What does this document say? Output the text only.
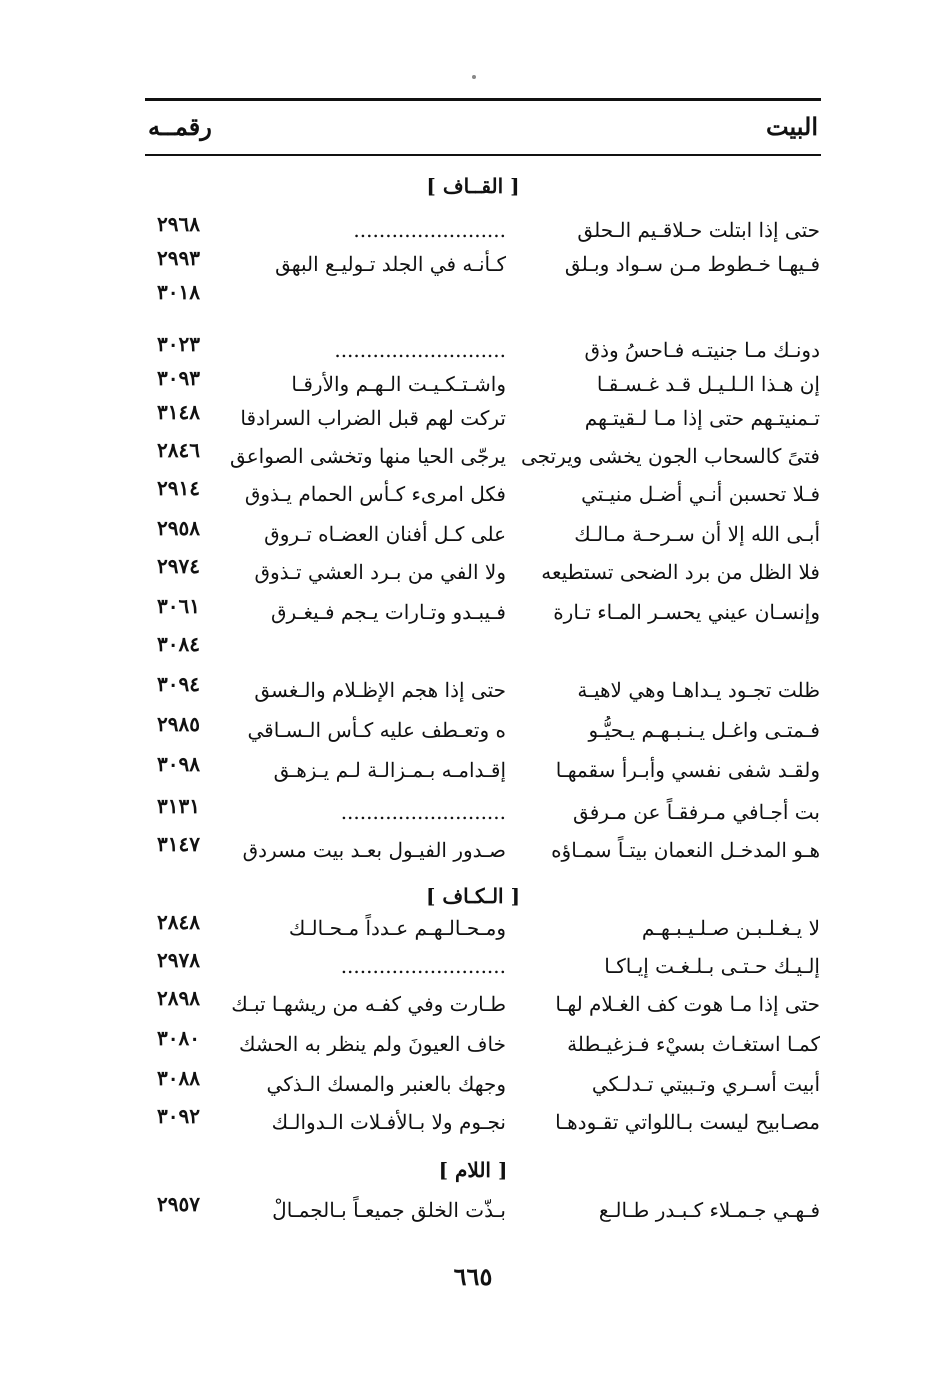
البيت
رقمــه
[ القــاف ]
[ الـكـاف ]
[ اللام ]
حتى إذا ابتلت حـلاقـيم الـحلق
........................
٢٩٦٨
فـيهـا خـطوط مـن سـواد وبـلق
كـأنـه في الجلد تـوليـع البهق
٢٩٩٣
٣٠١٨
دونـك مـا جنيتـه فـاحسُ وذق
...........................
٣٠٢٣
إن هـذا الـلـيـل قـد غـسـقـا
واشـتـكـيـت الـهـم والأرقـا
٣٠٩٣
تـمنيتـهم حتى إذا مـا لـقيتـهم
تركت لهم قبل الضراب السرادقا
٣١٤٨
فتىً كالسحاب الجون يخشى ويرتجى
يرجّى الحيا منها وتخشى الصواعق
٢٨٤٦
فـلا تحسبن أنـي أضـل منيـتي
فكل امرىء كـأس الحمام يـذوق
٢٩١٤
أبـى الله إلا أن سـرحـة مـالـك
على كـل أفنان العضـاه تـروق
٢٩٥٨
فلا الظل من برد الضحى تستطيعه
ولا الفي من بـرد العشي تـذوق
٢٩٧٤
وإنسـان عيني يحسـر المـاء تـارة
فـيبـدو وتـارات يـجم فـيغـرق
٣٠٦١
٣٠٨٤
ظلت تجـود يـداهـا وهي لاهيـة
حتى إذا هجم الإظـلام والـغسق
٣٠٩٤
فـمتـى واغـل يـنـبـهـم يـحيُّـو
ه وتعـطف عليه كـأس الـسـاقي
٢٩٨٥
ولقـد شفى نفسي وأبـرأ سقمهـا
إقـدامـه بـمـزالـة لـم يـزهـق
٣٠٩٨
بت أجـافي مـرفقـاً عن مـرفق
..........................
٣١٣١
هـو المدخـل النعمان بيتـاً سمـاؤه
صـدور الفيـول بعـد بيت مسردق
٣١٤٧
لا يـغـلـبـن صـلـيـبـهـم
ومـحـالـهـم عـدداً مـحـالـك
٢٨٤٨
إلـيـك حـتـى بـلـغـت إيـاكـا
..........................
٢٩٧٨
حتى إذا مـا هوت كف الغـلام لهـا
طـارت وفي كفـه من ريشهـا تبـك
٢٨٩٨
كمـا استغـاث بسيْء فـزغيـطلة
خاف العيونَ ولم ينظر به الحشك
٣٠٨٠
أبيت أسـري وتـبيتي تـدلـكي
وجهك بالعنبر والمسك الـذكي
٣٠٨٨
مصـابيح ليست بـاللواتي تقـودهـا
نجـوم ولا بـالأفـلات الـدوالـك
٣٠٩٢
فـهـي جـمـلاء كـبـدر طـالـع
بـذّت الخلق جميعـاً بـالجمـالْ
٢٩٥٧
٦٦٥
